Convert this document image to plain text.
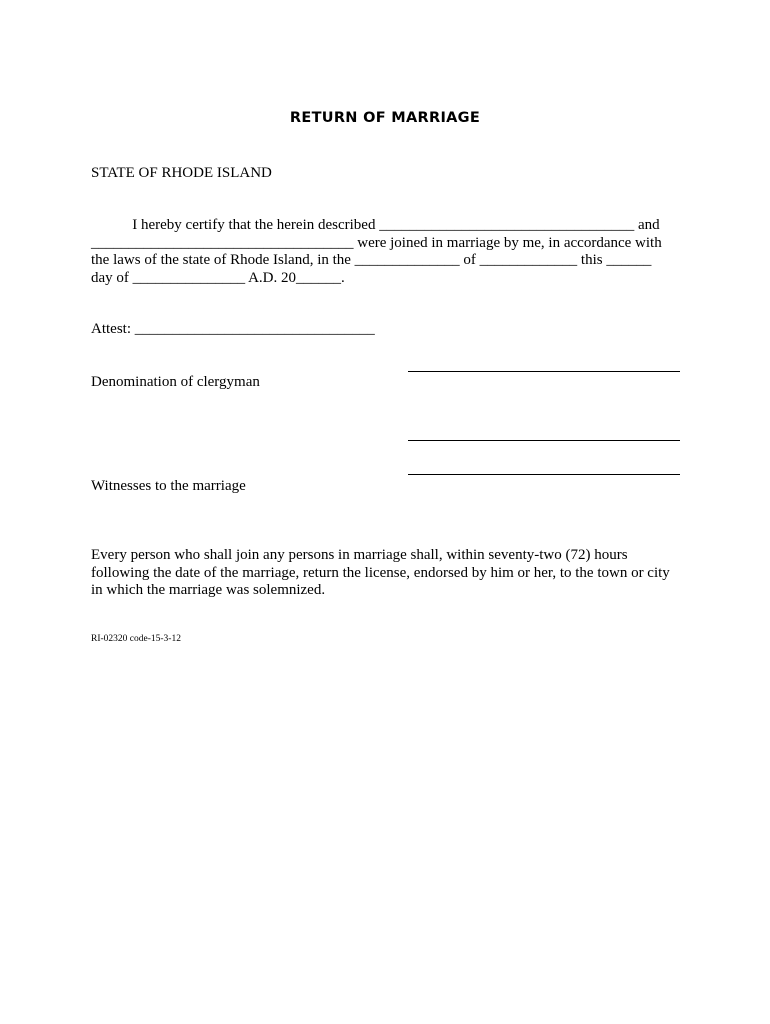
RETURN OF MARRIAGE
STATE OF RHODE ISLAND
I hereby certify that the herein described __________________________________ and
___________________________________ were joined in marriage by me, in accordance with
the laws of the state of Rhode Island, in the ______________ of _____________ this ______
day of _______________ A.D. 20______.
Attest: ________________________________
Denomination of clergyman
Witnesses to the marriage
Every person who shall join any persons in marriage shall, within seventy-two (72) hours
following the date of the marriage, return the license, endorsed by him or her, to the town or city
in which the marriage was solemnized.
RI-02320 code-15-3-12
